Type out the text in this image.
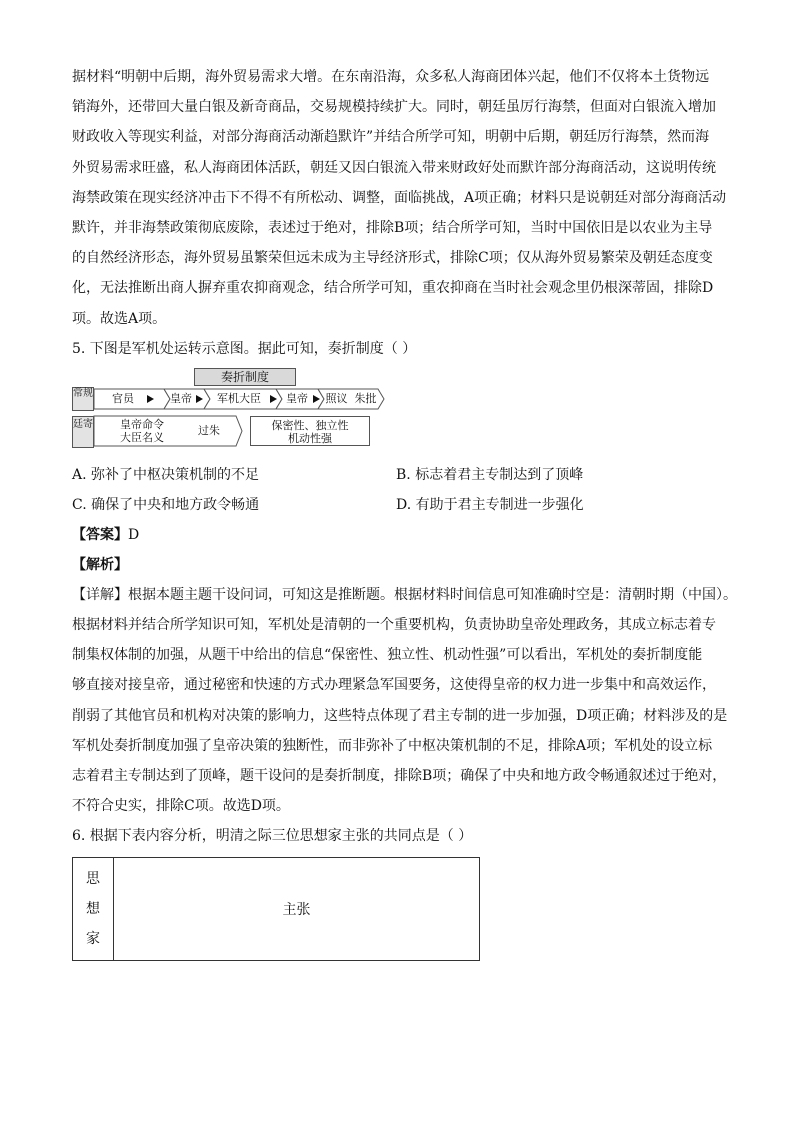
据材料“明朝中后期，海外贸易需求大增。在东南沿海，众多私人海商团体兴起，他们不仅将本土货物远
销海外，还带回大量白银及新奇商品，交易规模持续扩大。同时，朝廷虽厉行海禁，但面对白银流入增加
财政收入等现实利益，对部分海商活动渐趋默许”并结合所学可知，明朝中后期，朝廷厉行海禁，然而海
外贸易需求旺盛，私人海商团体活跃，朝廷又因白银流入带来财政好处而默许部分海商活动，这说明传统
海禁政策在现实经济冲击下不得不有所松动、调整，面临挑战，A项正确；材料只是说朝廷对部分海商活动
默许，并非海禁政策彻底废除，表述过于绝对，排除B项；结合所学可知，当时中国依旧是以农业为主导
的自然经济形态，海外贸易虽繁荣但远未成为主导经济形式，排除C项；仅从海外贸易繁荣及朝廷态度变
化，无法推断出商人摒弃重农抑商观念，结合所学可知，重农抑商在当时社会观念里仍根深蒂固，排除D
项。故选A项。

5. 下图是军机处运转示意图。据此可知，奏折制度（ ）

奏折制度
常规
廷寄
官员	皇帝	军机大臣	皇帝	照议  朱批
皇帝命令
大臣名义
过朱	保密性、独立性
机动性强
A. 弥补了中枢决策机制的不足	B. 标志着君主专制达到了顶峰
C. 确保了中央和地方政令畅通	D. 有助于君主专制进一步强化

【答案】D

【解析】

【详解】根据本题主题干设问词，可知这是推断题。根据材料时间信息可知准确时空是：清朝时期（中国）。
根据材料并结合所学知识可知，军机处是清朝的一个重要机构，负责协助皇帝处理政务，其成立标志着专
制集权体制的加强，从题干中给出的信息“保密性、独立性、机动性强”可以看出，军机处的奏折制度能
够直接对接皇帝，通过秘密和快速的方式办理紧急军国要务，这使得皇帝的权力进一步集中和高效运作，
削弱了其他官员和机构对决策的影响力，这些特点体现了君主专制的进一步加强，D项正确；材料涉及的是
军机处奏折制度加强了皇帝决策的独断性，而非弥补了中枢决策机制的不足，排除A项；军机处的设立标
志着君主专制达到了顶峰，题干设问的是奏折制度，排除B项；确保了中央和地方政令畅通叙述过于绝对，
不符合史实，排除C项。故选D项。

6. 根据下表内容分析，明清之际三位思想家主张的共同点是（ ）

思
想
家
	主张
